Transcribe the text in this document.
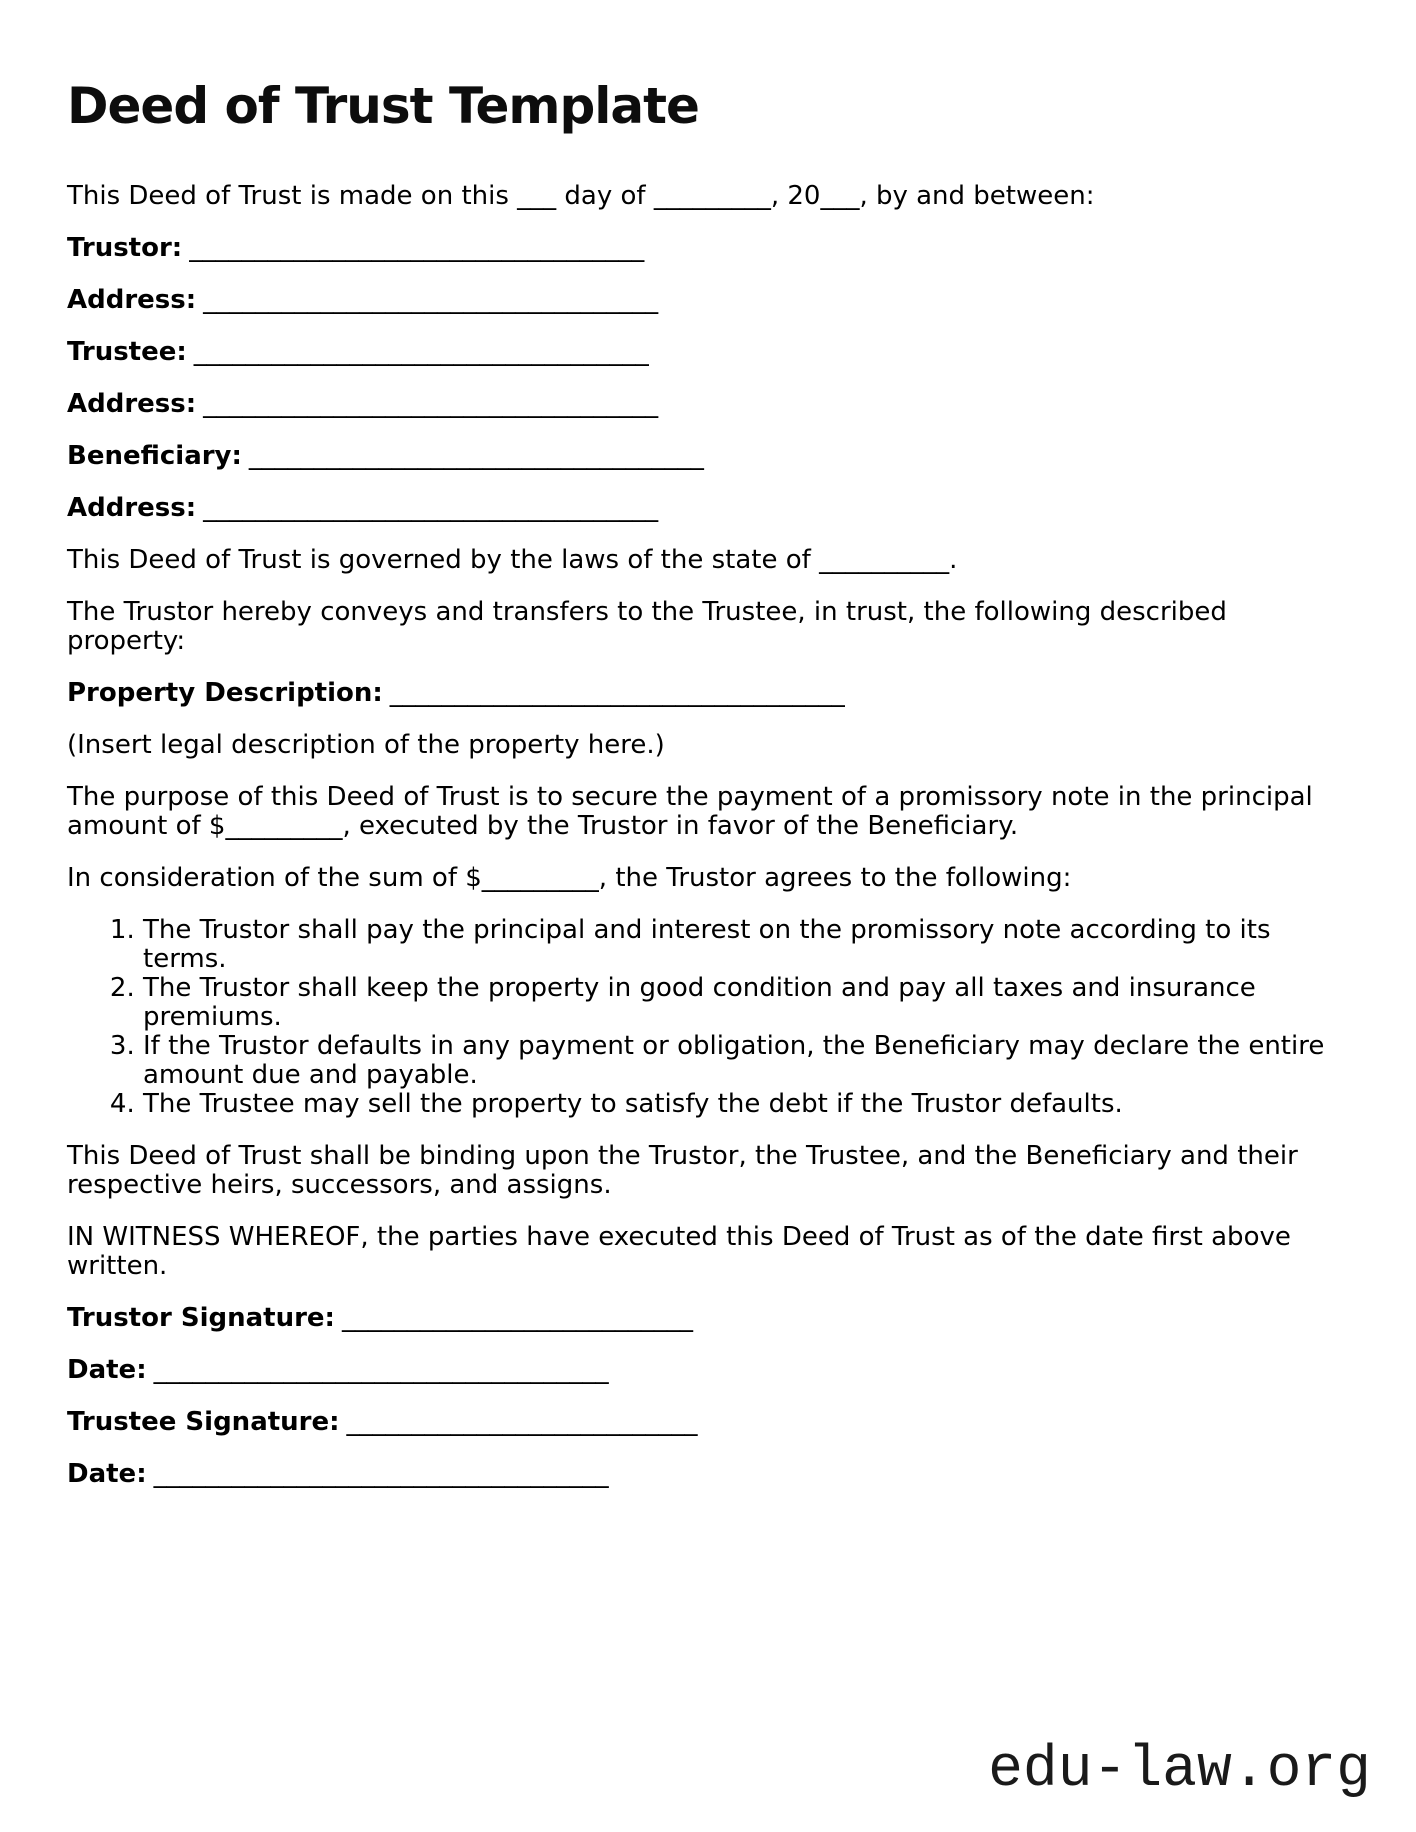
Deed of Trust Template

This Deed of Trust is made on this ___ day of _________, 20___, by and between:

Trustor: ___________________________________

Address: ___________________________________

Trustee: ___________________________________

Address: ___________________________________

Beneficiary: ___________________________________

Address: ___________________________________

This Deed of Trust is governed by the laws of the state of __________.

The Trustor hereby conveys and transfers to the Trustee, in trust, the following described property:

Property Description: ___________________________________

(Insert legal description of the property here.)

The purpose of this Deed of Trust is to secure the payment of a promissory note in the principal amount of $_________, executed by the Trustor in favor of the Beneficiary.

In consideration of the sum of $_________, the Trustor agrees to the following:

1. The Trustor shall pay the principal and interest on the promissory note according to its terms.
2. The Trustor shall keep the property in good condition and pay all taxes and insurance premiums.
3. If the Trustor defaults in any payment or obligation, the Beneficiary may declare the entire amount due and payable.
4. The Trustee may sell the property to satisfy the debt if the Trustor defaults.

This Deed of Trust shall be binding upon the Trustor, the Trustee, and the Beneficiary and their respective heirs, successors, and assigns.

IN WITNESS WHEREOF, the parties have executed this Deed of Trust as of the date first above written.

Trustor Signature: ___________________________

Date: ___________________________________

Trustee Signature: ___________________________

Date: ___________________________________

edu-law.org
